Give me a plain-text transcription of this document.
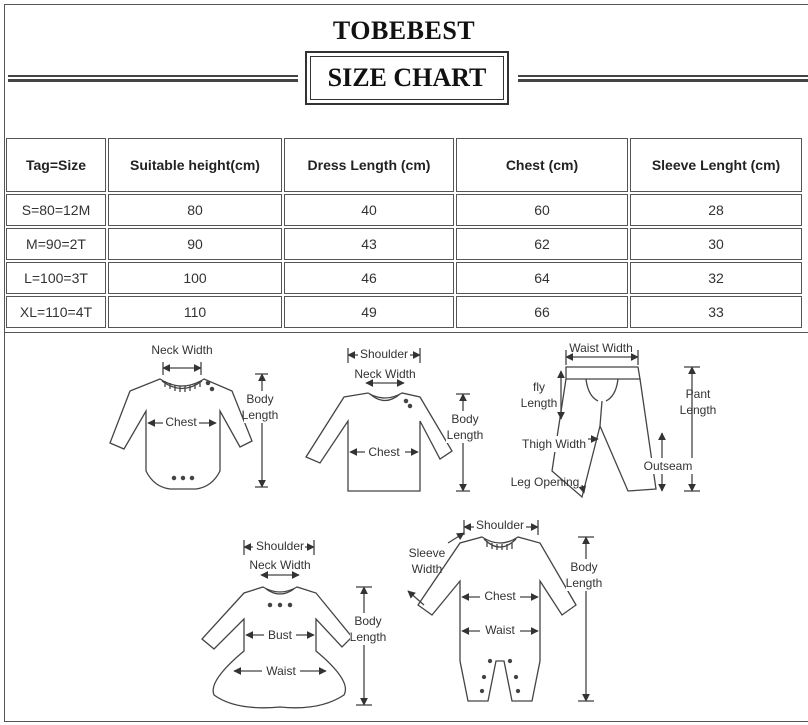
TOBEBEST
SIZE CHART
Tag=Size	Suitable height(cm)	Dress Length (cm)	Chest (cm)	Sleeve Lenght (cm)
S=80=12M	80	40	60	28
M=90=2T	90	43	62	30
L=100=3T	100	46	64	32
XL=110=4T	110	49	66	33
Neck Width
Chest
Body
Length
Shoulder
Neck Width
Chest
Body
Length
Waist Width
fly
Length
Pant
Length
Thigh Width
Outseam
Leg Opening
Shoulder
Neck Width
Bust
Waist
Body
Length
Shoulder
Sleeve
Width
Chest
Waist
Body
Length
